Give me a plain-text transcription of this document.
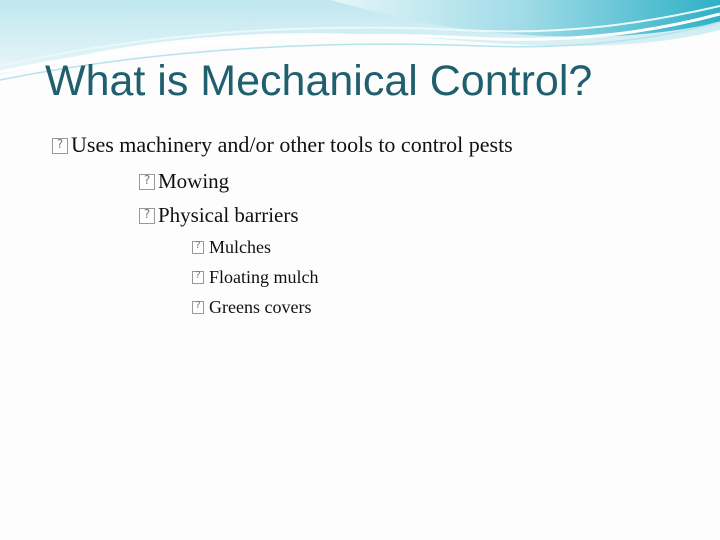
What is Mechanical Control?
?Uses machinery and/or other tools to control pests
?Mowing
?Physical barriers
?Mulches
?Floating mulch
?Greens covers
